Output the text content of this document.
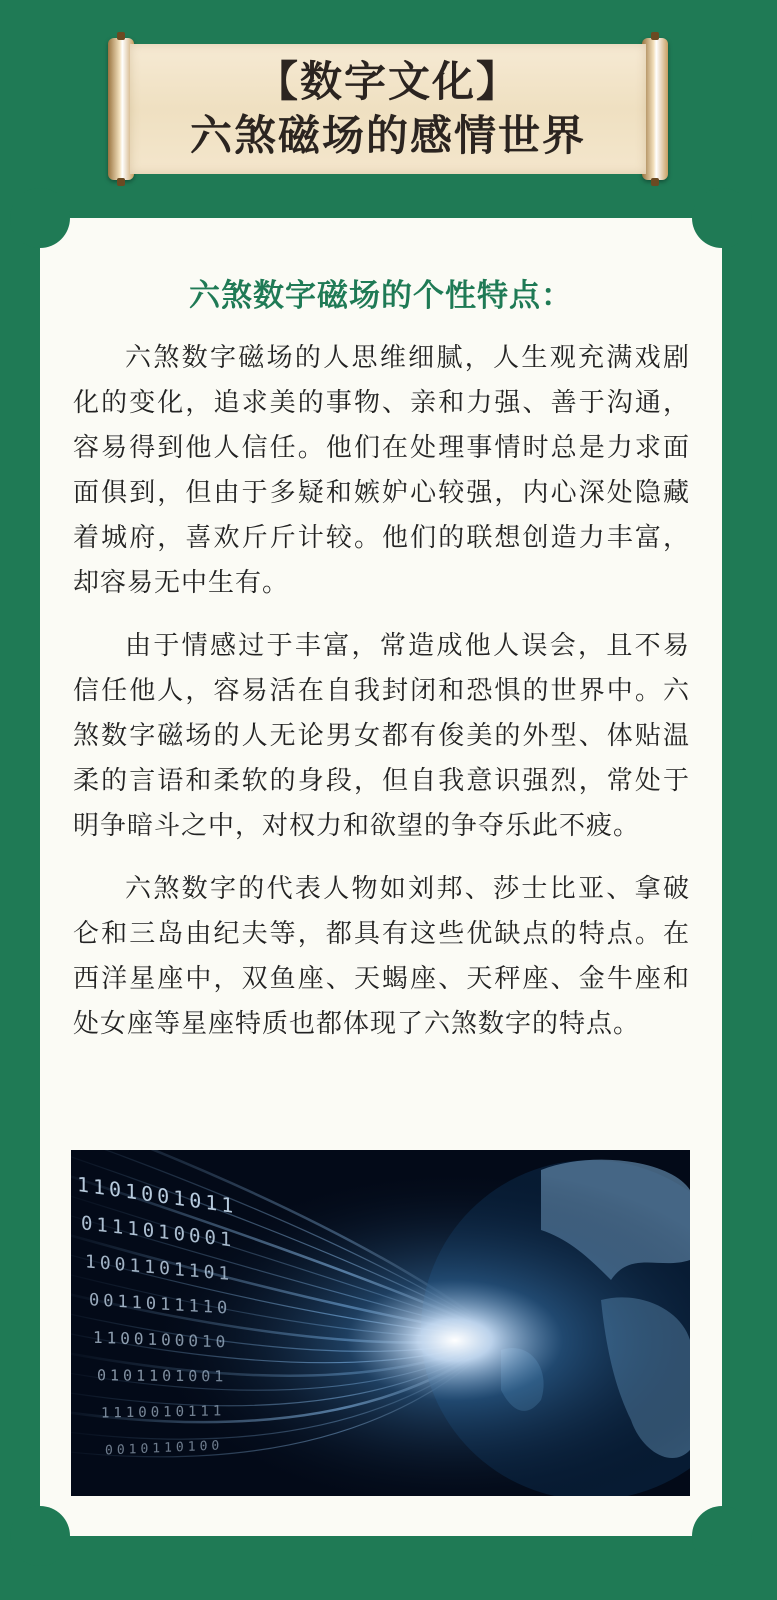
【数字文化】
六煞磁场的感情世界
六煞数字磁场的个性特点：

六煞数字磁场的人思维细腻，人生观充满戏剧化的变化，追求美的事物、亲和力强、善于沟通，容易得到他人信任。他们在处理事情时总是力求面面俱到，但由于多疑和嫉妒心较强，内心深处隐藏着城府，喜欢斤斤计较。他们的联想创造力丰富，却容易无中生有。

由于情感过于丰富，常造成他人误会，且不易信任他人，容易活在自我封闭和恐惧的世界中。六煞数字磁场的人无论男女都有俊美的外型、体贴温柔的言语和柔软的身段，但自我意识强烈，常处于明争暗斗之中，对权力和欲望的争夺乐此不疲。

六煞数字的代表人物如刘邦、莎士比亚、拿破仑和三岛由纪夫等，都具有这些优缺点的特点。在西洋星座中，双鱼座、天蝎座、天秤座、金牛座和处女座等星座特质也都体现了六煞数字的特点。
